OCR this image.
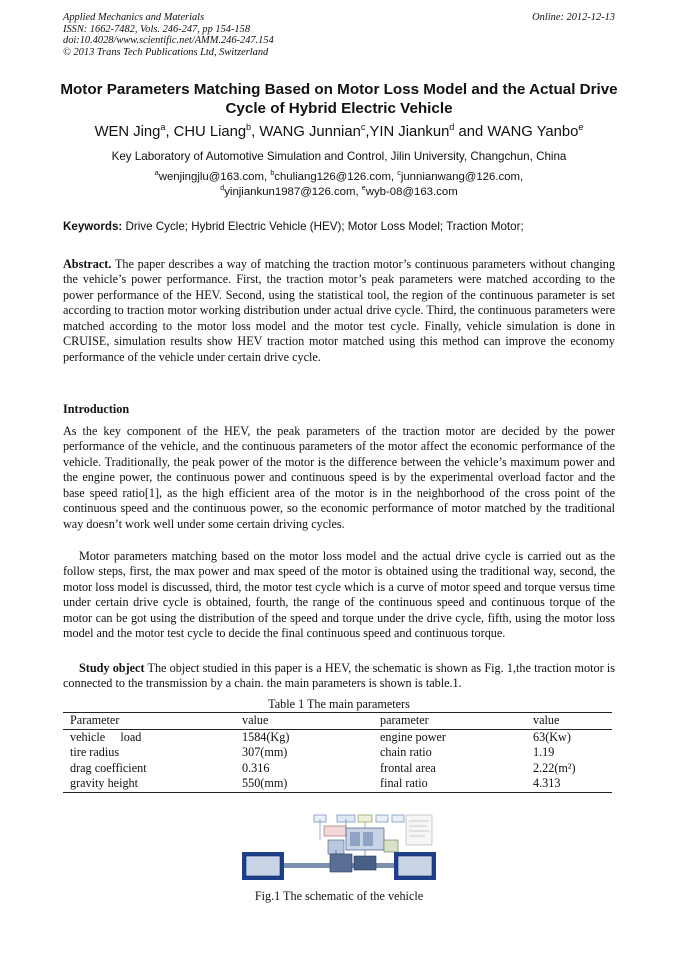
Applied Mechanics and Materials
ISSN: 1662-7482, Vols. 246-247, pp 154-158
doi:10.4028/www.scientific.net/AMM.246-247.154
© 2013 Trans Tech Publications Ltd, Switzerland
Online: 2012-12-13
Motor Parameters Matching Based on Motor Loss Model and the Actual Drive Cycle of Hybrid Electric Vehicle
WEN Jing$^a$, CHU Liang$^b$, WANG Junnian$^c$,YIN Jiankun$^d$ and WANG Yanbo$^e$
Key Laboratory of Automotive Simulation and Control, Jilin University, Changchun, China
$^a$wenjingjlu@163.com, $^b$chuliang126@126.com, $^c$junnianwang@126.com,
$^d$yinjiankun1987@126.com, $^e$wyb-08@163.com
Keywords: Drive Cycle; Hybrid Electric Vehicle (HEV); Motor Loss Model; Traction Motor;
Abstract. The paper describes a way of matching the traction motor’s continuous parameters without changing the vehicle’s power performance. First, the traction motor’s peak parameters were matched according to the power performance of the HEV. Second, using the statistical tool, the region of the continuous parameter is set according to traction motor working distribution under actual drive cycle. Third, the continuous parameters were matched according to the motor loss model and the motor test cycle. Finally, vehicle simulation is done in CRUISE, simulation results show HEV traction motor matched using this method can improve the economy performance of the vehicle under certain drive cycle.
Introduction
As the key component of the HEV, the peak parameters of the traction motor are decided by the power performance of the vehicle, and the continuous parameters of the motor affect the economic performance of the vehicle. Traditionally, the peak power of the motor is the difference between the vehicle’s maximum power and the engine power, the continuous power and continuous speed is by the experimental overload factor and the base speed ratio[1], as the high efficient area of the motor is in the neighborhood of the cross point of the continuous speed and the continuous power, so the economic performance of motor matched by the traditional way doesn’t work well under some certain driving cycles.
Motor parameters matching based on the motor loss model and the actual drive cycle is carried out as the follow steps, first, the max power and max speed of the motor is obtained using the traditional way, second, the motor loss model is discussed, third, the motor test cycle which is a curve of motor speed and torque versus time under certain drive cycle is obtained, fourth, the range of the continuous speed and continuous torque of the motor can be got using the distribution of the speed and torque under the drive cycle, fifth, using the motor loss model and the motor test cycle to decide the final continuous speed and continuous torque.
Study object The object studied in this paper is a HEV, the schematic is shown as Fig. 1,the traction motor is connected to the transmission by a chain. the main parameters is shown is table.1.
Table 1 The main parameters
Parameter	value	parameter	value
vehicle     load	1584(Kg)	engine power	63(Kw)
tire radius	307(mm)	chain ratio	1.19
drag coefficient	0.316	frontal area	2.22(m²)
gravity height	550(mm)	final ratio	4.313
Fig.1 The schematic of the vehicle
